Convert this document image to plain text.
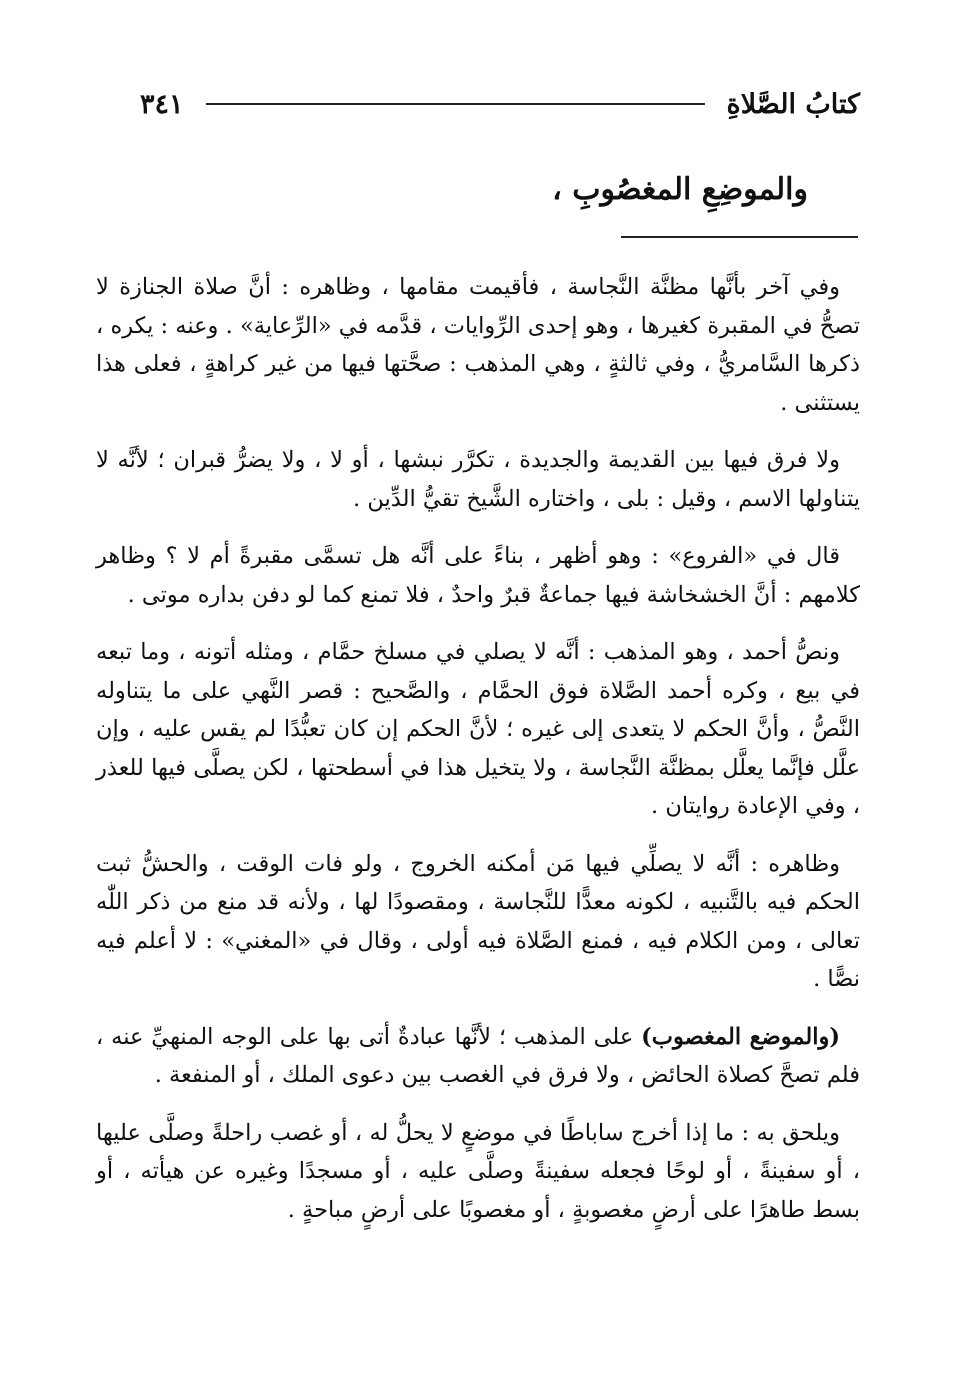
كتابُ الصَّلاةِ
٣٤١
والموضِعِ المغصُوبِ ،

وفي آخر بأنَّها مظنَّة النَّجاسة ، فأقيمت مقامها ، وظاهره : أنَّ صلاة الجنازة لا تصحُّ في المقبرة كغيرها ، وهو إحدى الرِّوايات ، قدَّمه في «الرِّعاية» . وعنه : يكره ، ذكرها السَّامريُّ ، وفي ثالثةٍ ، وهي المذهب : صحَّتها فيها من غير كراهةٍ ، فعلى هذا يستثنى .

ولا فرق فيها بين القديمة والجديدة ، تكرَّر نبشها ، أو لا ، ولا يضرُّ قبران ؛ لأنَّه لا يتناولها الاسم ، وقيل : بلى ، واختاره الشَّيخ تقيُّ الدِّين .

قال في «الفروع» : وهو أظهر ، بناءً على أنَّه هل تسمَّى مقبرةً أم لا ؟ وظاهر كلامهم : أنَّ الخشخاشة فيها جماعةٌ قبرٌ واحدٌ ، فلا تمنع كما لو دفن بداره موتى .

ونصُّ أحمد ، وهو المذهب : أنَّه لا يصلي في مسلخ حمَّام ، ومثله أتونه ، وما تبعه في بيع ، وكره أحمد الصَّلاة فوق الحمَّام ، والصَّحيح : قصر النَّهي على ما يتناوله النَّصُّ ، وأنَّ الحكم لا يتعدى إلى غيره ؛ لأنَّ الحكم إن كان تعبُّدًا لم يقس عليه ، وإن علَّل فإنَّما يعلَّل بمظنَّة النَّجاسة ، ولا يتخيل هذا في أسطحتها ، لكن يصلَّى فيها للعذر ، وفي الإعادة روايتان .

وظاهره : أنَّه لا يصلِّي فيها مَن أمكنه الخروج ، ولو فات الوقت ، والحشُّ ثبت الحكم فيه بالتَّنبيه ، لكونه معدًّا للنَّجاسة ، ومقصودًا لها ، ولأنه قد منع من ذكر اللّٰه تعالى ، ومن الكلام فيه ، فمنع الصَّلاة فيه أولى ، وقال في «المغني» : لا أعلم فيه نصًّا .

(والموضع المغصوب) على المذهب ؛ لأنَّها عبادةٌ أتى بها على الوجه المنهيِّ عنه ، فلم تصحَّ كصلاة الحائض ، ولا فرق في الغصب بين دعوى الملك ، أو المنفعة .

ويلحق به : ما إذا أخرج ساباطًا في موضعٍ لا يحلُّ له ، أو غصب راحلةً وصلَّى عليها ، أو سفينةً ، أو لوحًا فجعله سفينةً وصلَّى عليه ، أو مسجدًا وغيره عن هيأته ، أو بسط طاهرًا على أرضٍ مغصوبةٍ ، أو مغصوبًا على أرضٍ مباحةٍ .
